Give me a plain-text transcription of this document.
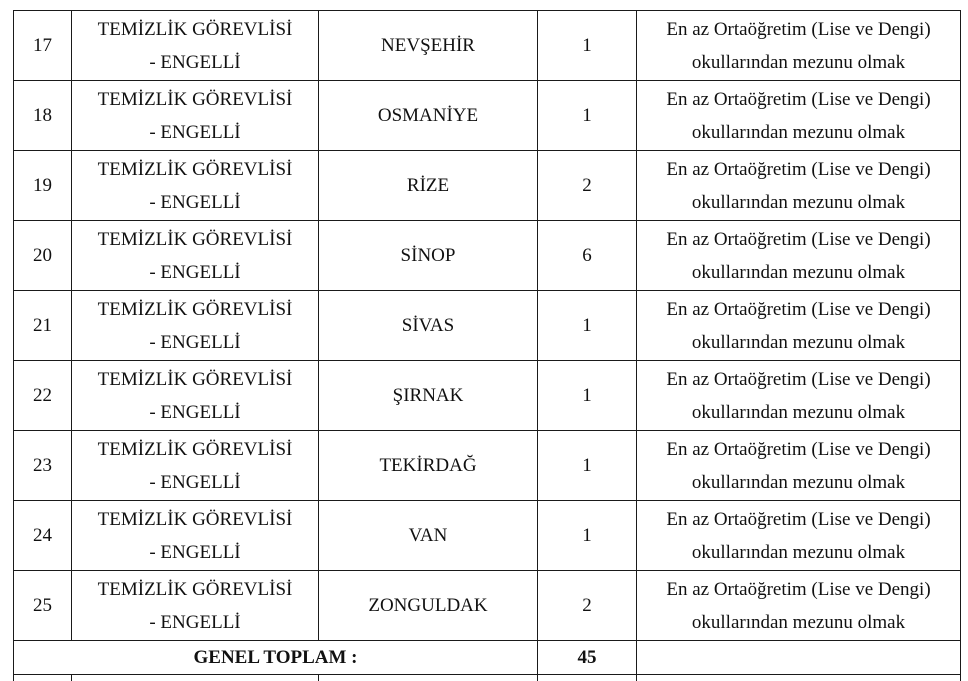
17	TEMİZLİK GÖREVLİSİ
- ENGELLİ	NEVŞEHİR	1	En az Ortaöğretim (Lise ve Dengi)
okullarından mezunu olmak

18	TEMİZLİK GÖREVLİSİ
- ENGELLİ	OSMANİYE	1	En az Ortaöğretim (Lise ve Dengi)
okullarından mezunu olmak

19	TEMİZLİK GÖREVLİSİ
- ENGELLİ	RİZE	2	En az Ortaöğretim (Lise ve Dengi)
okullarından mezunu olmak

20	TEMİZLİK GÖREVLİSİ
- ENGELLİ	SİNOP	6	En az Ortaöğretim (Lise ve Dengi)
okullarından mezunu olmak

21	TEMİZLİK GÖREVLİSİ
- ENGELLİ	SİVAS	1	En az Ortaöğretim (Lise ve Dengi)
okullarından mezunu olmak

22	TEMİZLİK GÖREVLİSİ
- ENGELLİ	ŞIRNAK	1	En az Ortaöğretim (Lise ve Dengi)
okullarından mezunu olmak

23	TEMİZLİK GÖREVLİSİ
- ENGELLİ	TEKİRDAĞ	1	En az Ortaöğretim (Lise ve Dengi)
okullarından mezunu olmak

24	TEMİZLİK GÖREVLİSİ
- ENGELLİ	VAN	1	En az Ortaöğretim (Lise ve Dengi)
okullarından mezunu olmak

25	TEMİZLİK GÖREVLİSİ
- ENGELLİ	ZONGULDAK	2	En az Ortaöğretim (Lise ve Dengi)
okullarından mezunu olmak

GENEL TOPLAM :			45	
